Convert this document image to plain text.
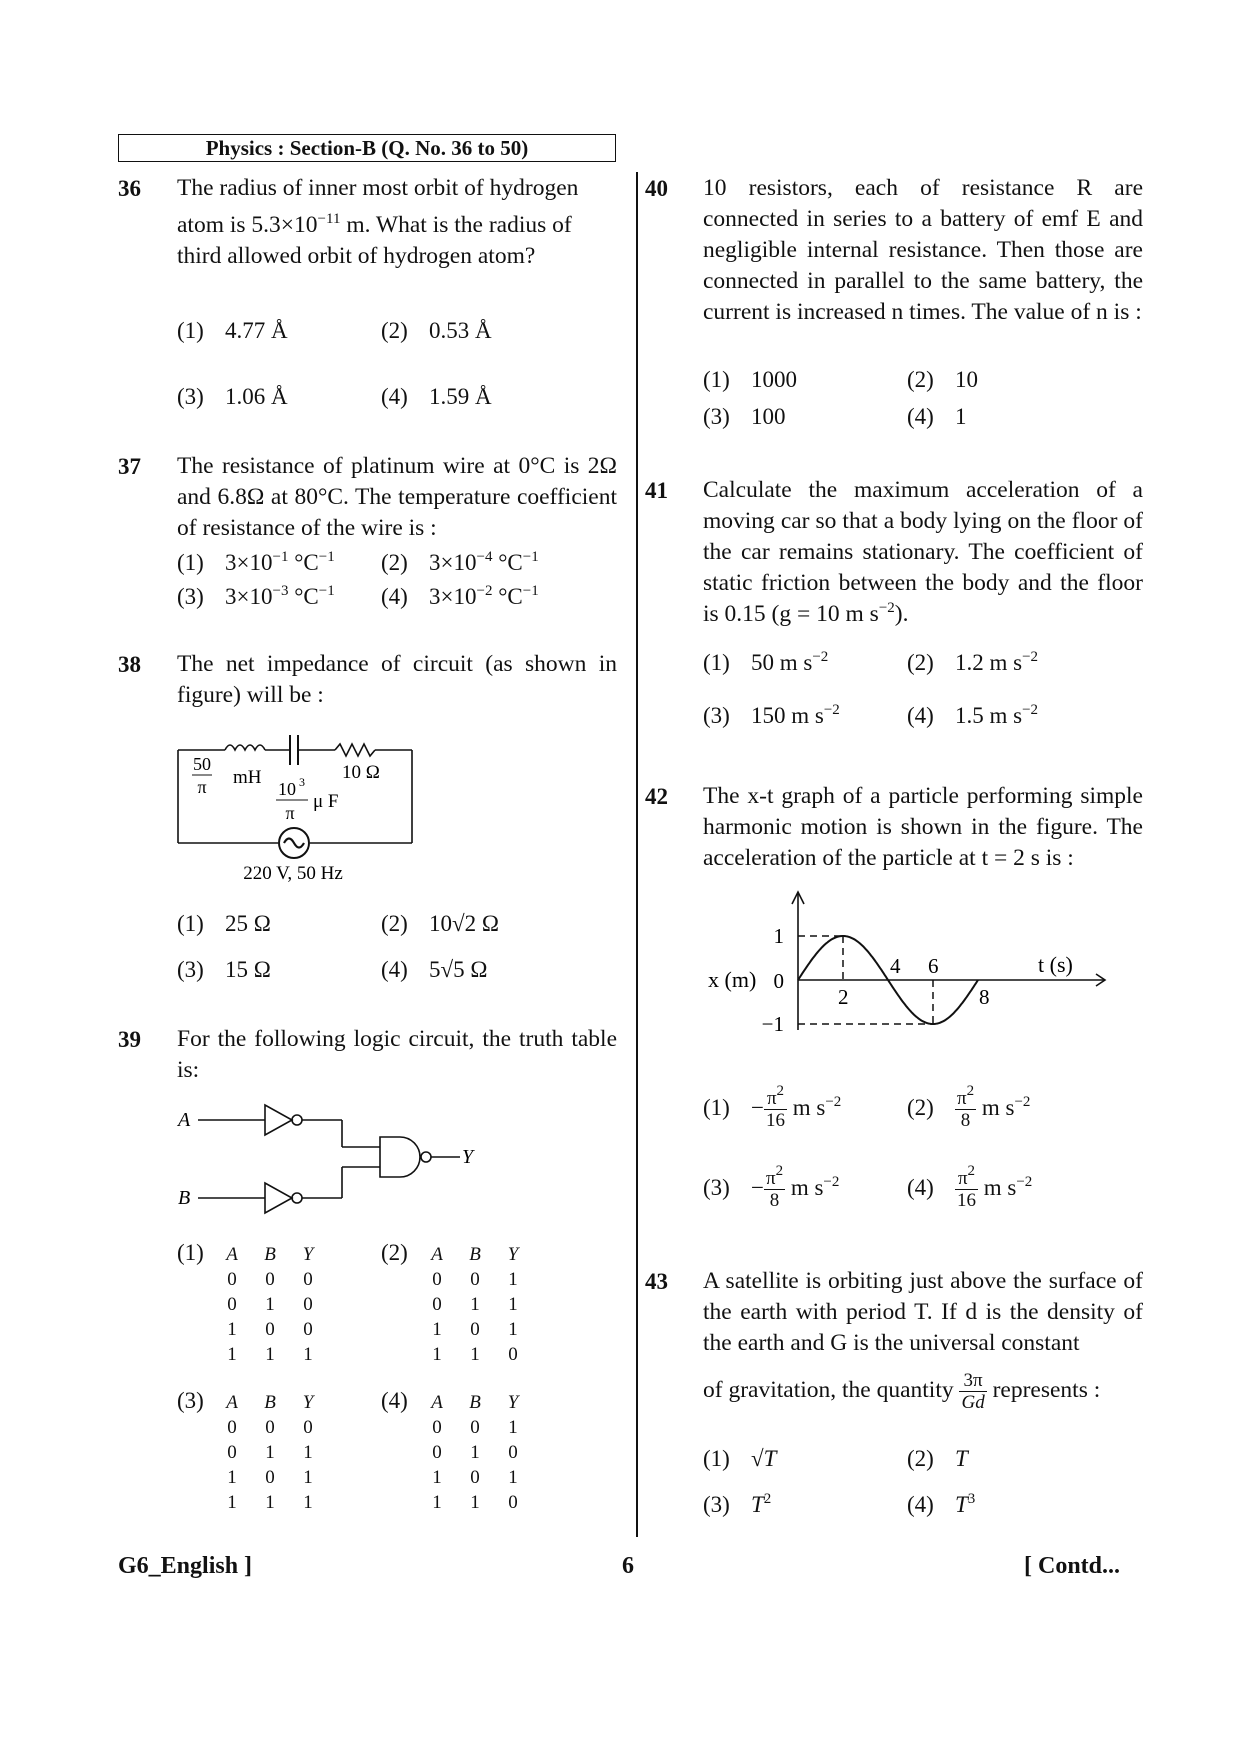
Physics : Section-B (Q. No. 36 to 50)
36 The radius of inner most orbit of hydrogen
atom is $5.3\times 10^{-11}$ m. What is the radius of
third allowed orbit of hydrogen atom?
(1) 4.77 Å	(2) 0.53 Å
(3) 1.06 Å	(4) 1.59 Å
37 The resistance of platinum wire at 0°C is 2Ω and 6.8Ω at 80°C. The temperature coefficient of resistance of the wire is :
(1) $3\times 10^{-1}$ $^\circ C^{-1}$ (2) $3\times 10^{-4}$ $^\circ C^{-1}$
(3) $3\times 10^{-3}$ $^\circ C^{-1}$ (4) $3\times 10^{-2}$ $^\circ C^{-1}$
38 The net impedance of circuit (as shown in figure) will be :
50
π mH
10 3
π
μ F
10 Ω
220 V, 50 Hz
(1) 25 Ω	(2) 10√2 Ω
(3) 15 Ω	(4) 5√5 Ω
39 For the following logic circuit, the truth table is:
A
B
Y
(1)	A	B	Y
0	0	0
0	1	0
1	0	0
1	1	1
(2)	A	B	Y
0	0	1
0	1	1
1	0	1
1	1	0
(3)	A	B	Y
0	0	0
0	1	1
1	0	1
1	1	1
(4)	A	B	Y
0	0	1
0	1	0
1	0	1
1	1	0
40 10 resistors, each of resistance R are connected in series to a battery of emf E and negligible internal resistance. Then those are connected in parallel to the same battery, the current is increased n times. The value of n is :
(1) 1000	(2) 10
(3) 100	(4) 1
41 Calculate the maximum acceleration of a moving car so that a body lying on the floor of the car remains stationary. The coefficient of static friction between the body and the floor is 0.15 (g = 10 m $s^{-2}$).
(1) 50 m $s^{-2}$	(2) 1.2 m $s^{-2}$
(3) 150 m $s^{-2}$	(4) 1.5 m $s^{-2}$
42 The x-t graph of a particle performing simple harmonic motion is shown in the figure. The acceleration of the particle at t = 2 s is :
1
0
−1
2
4 6
8
x (m)
t (s)
$(1) - \frac{\pi^2}{16}$ m $s^{-2}$	$(2) \frac{\pi^2}{8}$ m $s^{-2}$
$(3) - \frac{\pi^2}{8}$ m $s^{-2}$	$(4) \frac{\pi^2}{16}$ m $s^{-2}$
43 A satellite is orbiting just above the surface of the earth with period T. If d is the density of the earth and G is the universal constant
of gravitation, the quantity $\frac{3\pi}{Gd}$ represents :
(1) √T	(2) T
(3) $T^2$	(4) $T^3$
G6_English ]	6	[ Contd...
